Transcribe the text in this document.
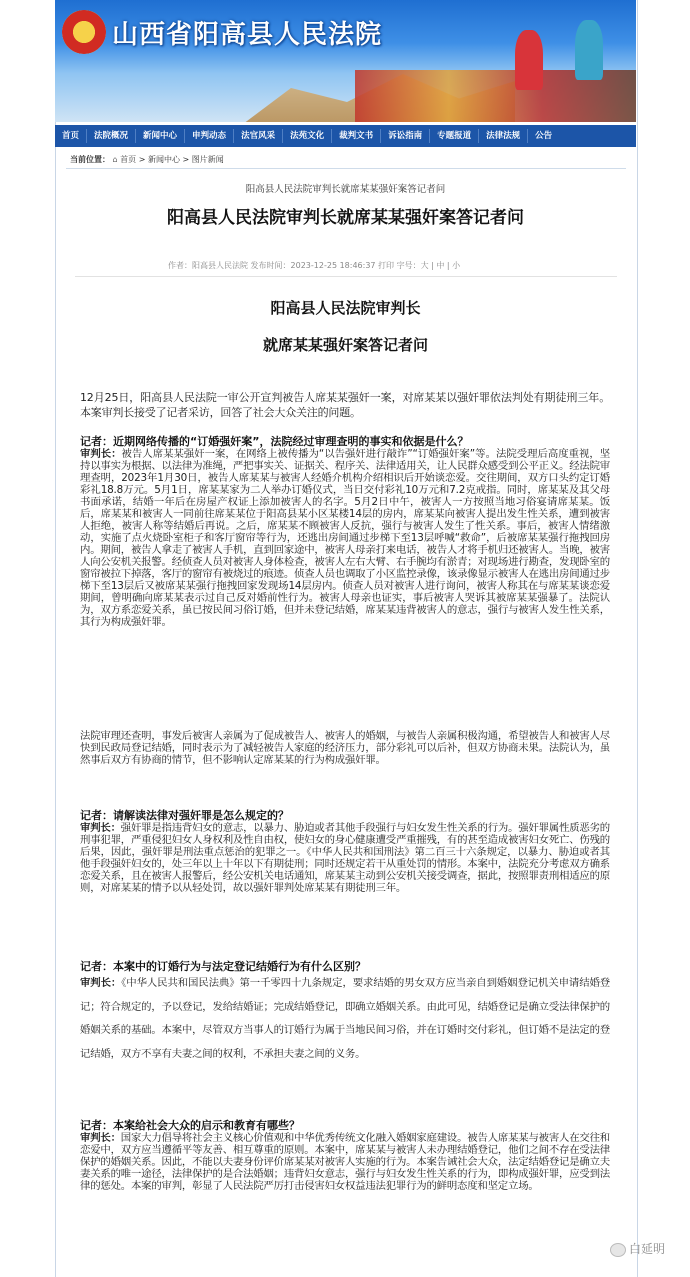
山西省阳高县人民法院
首页	法院概况	新闻中心	申判动态	法官风采	法苑文化	裁判文书	诉讼指南	专题报道	法律法规	公告
当前位置： ⌂ 首页 > 新闻中心 > 图片新闻
阳高县人民法院审判长就席某某强奸案答记者问
阳高县人民法院审判长就席某某强奸案答记者问
作者：阳高县人民法院 发布时间：2023-12-25 18:46:37 打印 字号：大 | 中 | 小
阳高县人民法院审判长
就席某某强奸案答记者问
12月25日，阳高县人民法院一审公开宣判被告人席某某强奸一案，对席某某以强奸罪依法判处有期徒刑三年。本案审判长接受了记者采访，回答了社会大众关注的问题。
记者：近期网络传播的“订婚强奸案”，法院经过审理查明的事实和依据是什么？
审判长：被告人席某某强奸一案，在网络上被传播为“以告强奸进行敲诈”“订婚强奸案”等。法院受理后高度重视，坚持以事实为根据、以法律为准绳，严把事实关、证据关、程序关、法律适用关，让人民群众感受到公平正义。经法院审理查明，2023年1月30日，被告人席某某与被害人经婚介机构介绍相识后开始谈恋爱。交往期间，双方口头约定订婚彩礼18.8万元。5月1日，席某某家为二人举办订婚仪式，当日交付彩礼10万元和7.2克戒指。同时，席某某及其父母书面承诺，结婚一年后在房屋产权证上添加被害人的名字。5月2日中午，被害人一方按照当地习俗宴请席某某。饭后，席某某和被害人一同前往席某某位于阳高县某小区某楼14层的房内，席某某向被害人提出发生性关系，遭到被害人拒绝，被害人称等结婚后再说。之后，席某某不顾被害人反抗，强行与被害人发生了性关系。事后，被害人情绪激动，实施了点火烧卧室柜子和客厅窗帘等行为，还逃出房间通过步梯下至13层呼喊“救命”，后被席某某强行拖拽回房内。期间，被告人拿走了被害人手机，直到回家途中，被害人母亲打来电话，被告人才将手机归还被害人。当晚，被害人向公安机关报警。经侦查人员对被害人身体检查，被害人左右大臂、右手腕均有淤青；对现场进行勘查，发现卧室的窗帘被拉下掉落，客厅的窗帘有被烧过的痕迹。侦查人员也调取了小区监控录像，该录像显示被害人在逃出房间通过步梯下至13层后又被席某某强行拖拽回家发现场14层房内。侦查人员对被害人进行询问，被害人称其在与席某某谈恋爱期间，曾明确向席某某表示过自己反对婚前性行为。被害人母亲也证实，事后被害人哭诉其被席某某强暴了。法院认为，双方系恋爱关系，虽已按民间习俗订婚，但并未登记结婚，席某某违背被害人的意志，强行与被害人发生性关系，其行为构成强奸罪。
法院审理还查明，事发后被害人亲属为了促成被告人、被害人的婚姻，与被告人亲属积极沟通，希望被告人和被害人尽快到民政局登记结婚，同时表示为了减轻被告人家庭的经济压力，部分彩礼可以后补，但双方协商未果。法院认为，虽然事后双方有协商的情节，但不影响认定席某某的行为构成强奸罪。
记者：请解读法律对强奸罪是怎么规定的？
审判长：强奸罪是指违背妇女的意志，以暴力、胁迫或者其他手段强行与妇女发生性关系的行为。强奸罪属性质恶劣的刑事犯罪，严重侵犯妇女人身权利及性自由权，使妇女的身心健康遭受严重摧残，有的甚至造成被害妇女死亡、伤残的后果，因此，强奸罪是刑法重点惩治的犯罪之一。《中华人民共和国刑法》第二百三十六条规定，以暴力、胁迫或者其他手段强奸妇女的，处三年以上十年以下有期徒刑；同时还规定若干从重处罚的情形。本案中，法院充分考虑双方确系恋爱关系，且在被害人报警后，经公安机关电话通知，席某某主动到公安机关接受调查，据此，按照罪责刑相适应的原则，对席某某的情予以从轻处罚，故以强奸罪判处席某某有期徒刑三年。
记者：本案中的订婚行为与法定登记结婚行为有什么区别？
审判长：《中华人民共和国民法典》第一千零四十九条规定，要求结婚的男女双方应当亲自到婚姻登记机关申请结婚登记；符合规定的，予以登记，发给结婚证；完成结婚登记，即确立婚姻关系。由此可见，结婚登记是确立受法律保护的婚姻关系的基础。本案中，尽管双方当事人的订婚行为属于当地民间习俗，并在订婚时交付彩礼，但订婚不是法定的登记结婚，双方不享有夫妻之间的权利，不承担夫妻之间的义务。
记者：本案给社会大众的启示和教育有哪些？
审判长：国家大力倡导将社会主义核心价值观和中华优秀传统文化融入婚姻家庭建设。被告人席某某与被害人在交往和恋爱中，双方应当遵循平等友善、相互尊重的原则。本案中，席某某与被害人未办理结婚登记，他们之间不存在受法律保护的婚姻关系。因此，不能以夫妻身份评价席某某对被害人实施的行为。本案告诫社会大众，法定结婚登记是确立夫妻关系的唯一途径，法律保护的是合法婚姻；违背妇女意志，强行与妇女发生性关系的行为，即构成强奸罪，应受到法律的惩处。本案的审判，彰显了人民法院严厉打击侵害妇女权益违法犯罪行为的鲜明态度和坚定立场。
白延明
